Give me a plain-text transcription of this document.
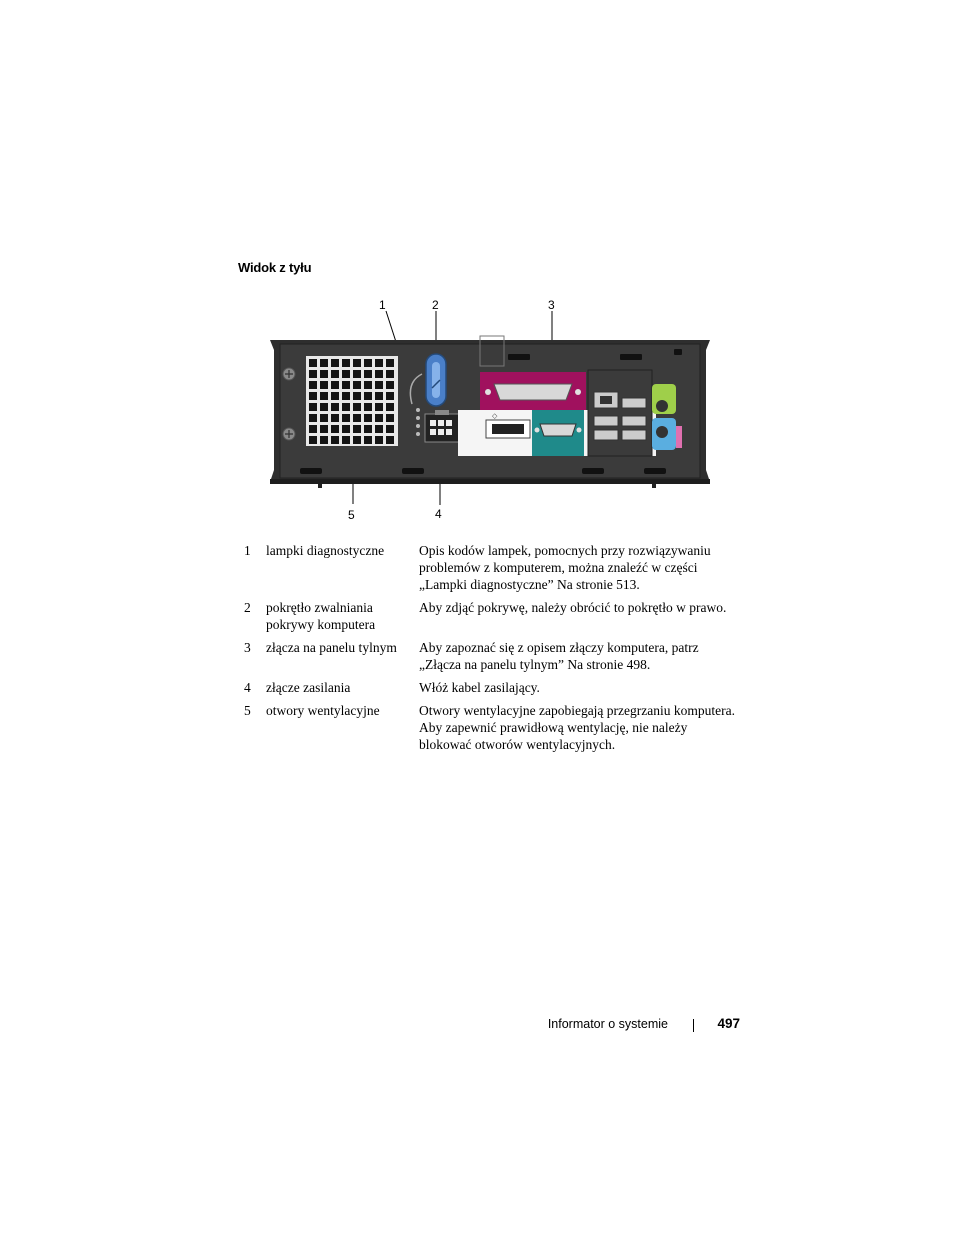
Widok z tyłu
1	2	3
4
5
◇
1	lampki diagnostyczne	Opis kodów lampek, pomocnych przy rozwiązywaniu problemów z komputerem, można znaleźć w części „Lampki diagnostyczne” Na stronie 513.
2	pokrętło zwalniania pokrywy komputera	Aby zdjąć pokrywę, należy obrócić to pokrętło w prawo.
3	złącza na panelu tylnym	Aby zapoznać się z opisem złączy komputera, patrz „Złącza na panelu tylnym” Na stronie 498.
4	złącze zasilania	Włóż kabel zasilający.
5	otwory wentylacyjne	Otwory wentylacyjne zapobiegają przegrzaniu komputera. Aby zapewnić prawidłową wentylację, nie należy blokować otworów wentylacyjnych.
Informator o systemie	497
